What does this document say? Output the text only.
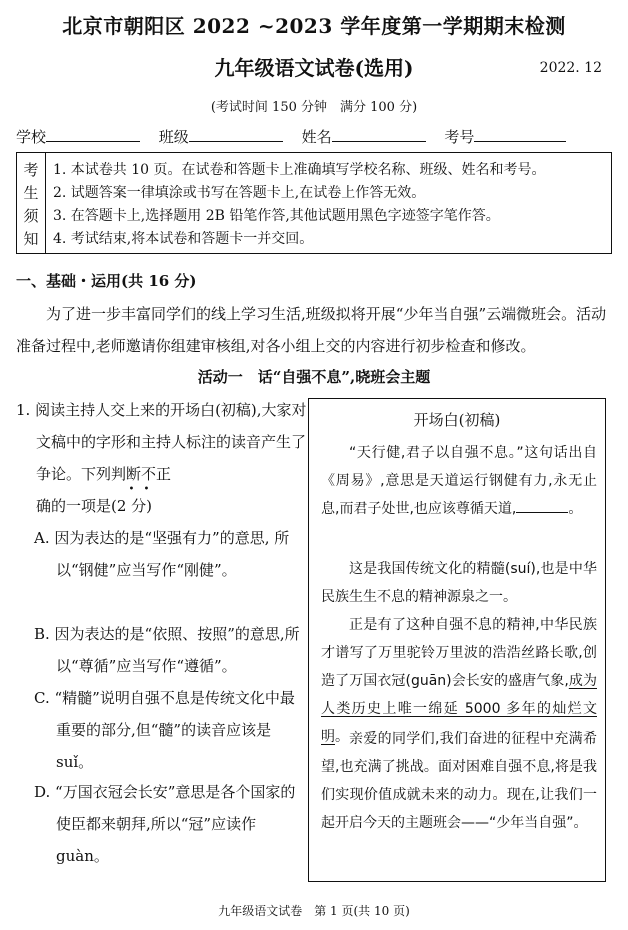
北京市朝阳区 2022 ~2023 学年度第一学期期末检测
九年级语文试卷(选用)	2022. 12
(考试时间 150 分钟　满分 100 分)
学校	班级	姓名	考号
考
生
须
知
1. 本试卷共 10 页。在试卷和答题卡上准确填写学校名称、班级、姓名和考号。
2. 试题答案一律填涂或书写在答题卡上,在试卷上作答无效。
3. 在答题卡上,选择题用 2B 铅笔作答,其他试题用黑色字迹签字笔作答。
4. 考试结束,将本试卷和答题卡一并交回。
一、基础・运用(共 16 分)
为了进一步丰富同学们的线上学习生活,班级拟将开展“少年当自强”云端微班会。活动准备过程中,老师邀请你组建审核组,对各小组上交的内容进行初步检查和修改。
活动一　话“自强不息”,晓班会主题
1. 阅读主持人交上来的开场白(初稿),大家对文稿中的字形和主持人标注的读音产生了争论。下列判断不正
确的一项是(2 分)
A. 因为表达的是“坚强有力”的意思, 所以“钢健”应当写作“刚健”。
B. 因为表达的是“依照、按照”的意思,所以“尊循”应当写作“遵循”。
C. “精髓”说明自强不息是传统文化中最重要的部分,但“髓”的读音应该是 suǐ。
D. “万国衣冠会长安”意思是各个国家的使臣都来朝拜,所以“冠”应读作 guàn。
开场白(初稿)
“天行健,君子以自强不息。”这句话出自《周易》,意思是天道运行钢健有力,永无止息,而君子处世,也应该尊循天道,	。
这是我国传统文化的精髓(suí),也是中华民族生生不息的精神源泉之一。
正是有了这种自强不息的精神,中华民族才谱写了万里驼铃万里波的浩浩丝路长歌,创造了万国衣冠(guān)会长安的盛唐气象,成为人类历史上唯一绵延 5000 多年的灿烂文明。 亲爱的同学们,我们奋进的征程中充满希望,也充满了挑战。面对困难自强不息,将是我们实现价值成就未来的动力。现在,让我们一起开启今天的主题班会——“少年当自强”。
九年级语文试卷　第 1 页(共 10 页)
